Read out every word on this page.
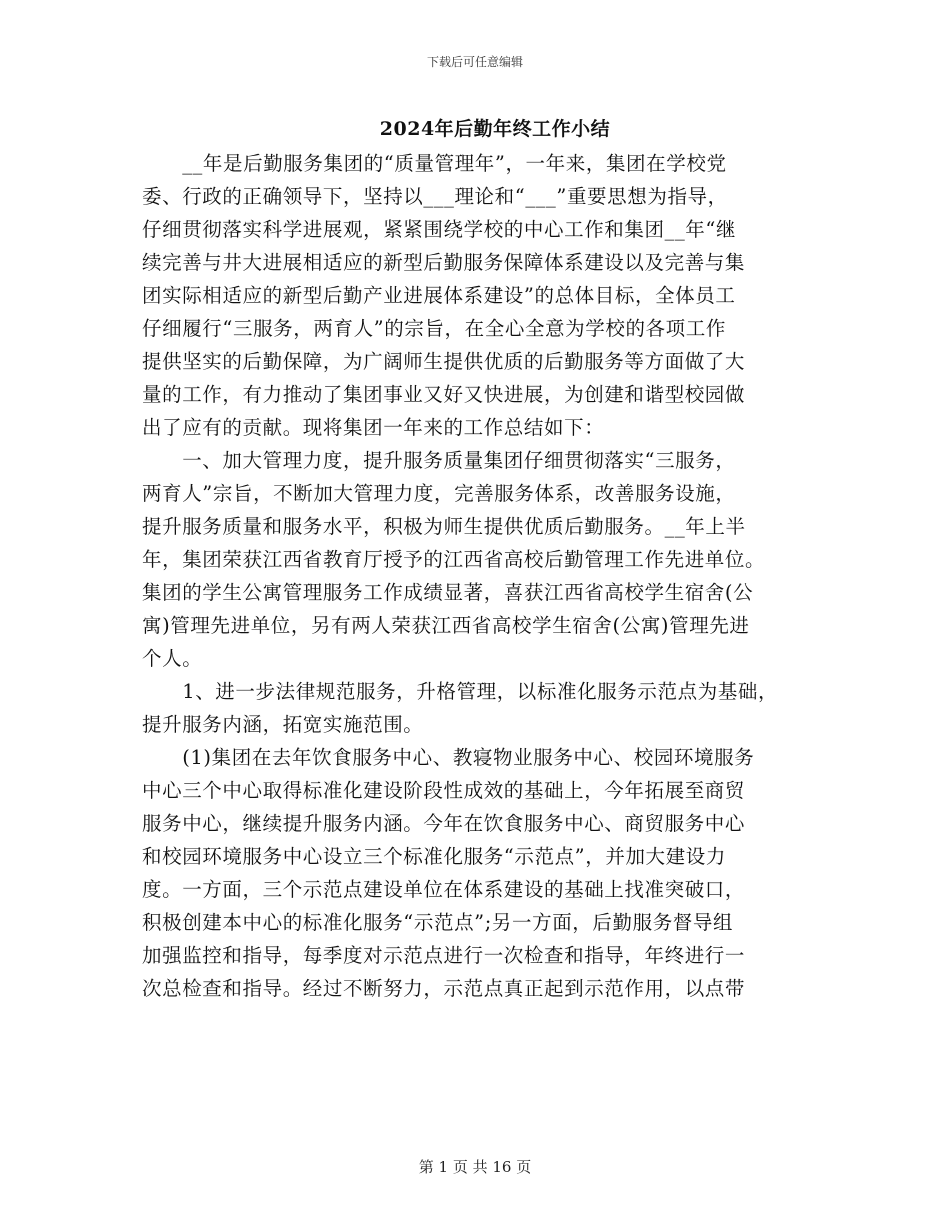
下载后可任意编辑
2024年后勤年终工作小结
　　__年是后勤服务集团的“质量管理年”，一年来，集团在学校党
委、行政的正确领导下，坚持以___理论和“___”重要思想为指导，
仔细贯彻落实科学进展观，紧紧围绕学校的中心工作和集团__年“继
续完善与井大进展相适应的新型后勤服务保障体系建设以及完善与集
团实际相适应的新型后勤产业进展体系建设”的总体目标，全体员工
仔细履行“三服务，两育人”的宗旨，在全心全意为学校的各项工作
提供坚实的后勤保障，为广阔师生提供优质的后勤服务等方面做了大
量的工作，有力推动了集团事业又好又快进展，为创建和谐型校园做
出了应有的贡献。现将集团一年来的工作总结如下：
　　一、加大管理力度，提升服务质量集团仔细贯彻落实“三服务，
两育人”宗旨，不断加大管理力度，完善服务体系，改善服务设施，
提升服务质量和服务水平，积极为师生提供优质后勤服务。__年上半
年，集团荣获江西省教育厅授予的江西省高校后勤管理工作先进单位。
集团的学生公寓管理服务工作成绩显著，喜获江西省高校学生宿舍(公
寓)管理先进单位，另有两人荣获江西省高校学生宿舍(公寓)管理先进
个人。
　　1、进一步法律规范服务，升格管理，以标准化服务示范点为基础，
提升服务内涵，拓宽实施范围。
　　(1)集团在去年饮食服务中心、教寝物业服务中心、校园环境服务
中心三个中心取得标准化建设阶段性成效的基础上，今年拓展至商贸
服务中心，继续提升服务内涵。今年在饮食服务中心、商贸服务中心
和校园环境服务中心设立三个标准化服务“示范点”，并加大建设力
度。一方面，三个示范点建设单位在体系建设的基础上找准突破口，
积极创建本中心的标准化服务“示范点”;另一方面，后勤服务督导组
加强监控和指导，每季度对示范点进行一次检查和指导，年终进行一
次总检查和指导。经过不断努力，示范点真正起到示范作用，以点带
第 1 页 共 16 页
